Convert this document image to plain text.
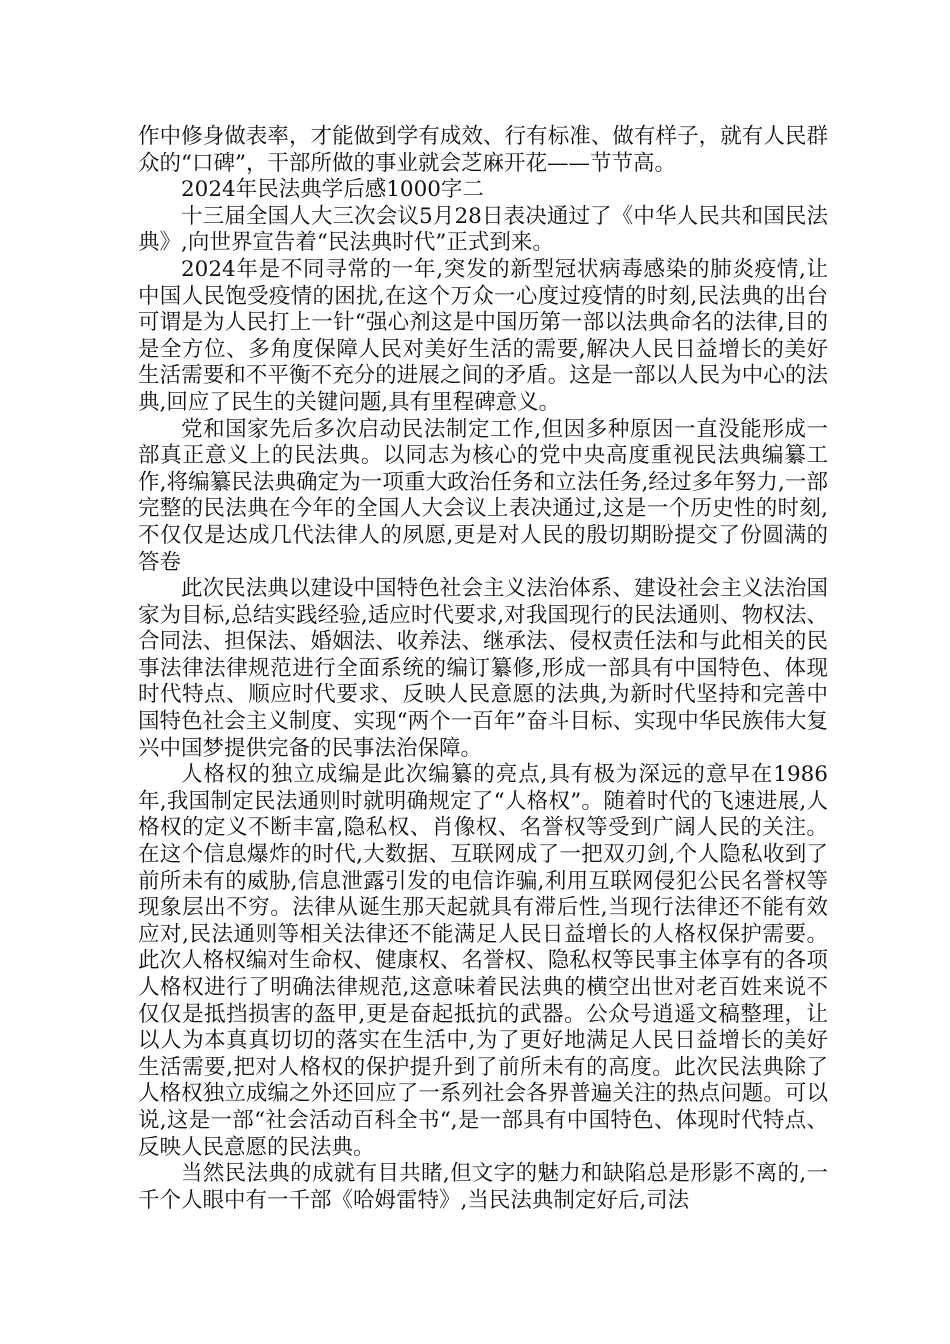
作中修身做表率，才能做到学有成效、行有标准、做有样子，就有人民群众的“口碑”，干部所做的事业就会芝麻开花——节节高。

2024年民法典学后感1000字二

十三届全国人大三次会议5月28日表决通过了《中华人民共和国民法典》,向世界宣告着“民法典时代”正式到来。

2024年是不同寻常的一年,突发的新型冠状病毒感染的肺炎疫情,让中国人民饱受疫情的困扰,在这个万众一心度过疫情的时刻,民法典的出台可谓是为人民打上一针“强心剂这是中国历第一部以法典命名的法律,目的是全方位、多角度保障人民对美好生活的需要,解决人民日益增长的美好生活需要和不平衡不充分的进展之间的矛盾。这是一部以人民为中心的法典,回应了民生的关键问题,具有里程碑意义。

党和国家先后多次启动民法制定工作,但因多种原因一直没能形成一部真正意义上的民法典。以同志为核心的党中央高度重视民法典编纂工作,将编纂民法典确定为一项重大政治任务和立法任务,经过多年努力,一部完整的民法典在今年的全国人大会议上表决通过,这是一个历史性的时刻,不仅仅是达成几代法律人的夙愿,更是对人民的殷切期盼提交了份圆满的答卷

此次民法典以建设中国特色社会主义法治体系、建设社会主义法治国家为目标,总结实践经验,适应时代要求,对我国现行的民法通则、物权法、合同法、担保法、婚姻法、收养法、继承法、侵权责任法和与此相关的民事法律法律规范进行全面系统的编订纂修,形成一部具有中国特色、体现时代特点、顺应时代要求、反映人民意愿的法典,为新时代坚持和完善中国特色社会主义制度、实现“两个一百年”奋斗目标、实现中华民族伟大复兴中国梦提供完备的民事法治保障。

人格权的独立成编是此次编纂的亮点,具有极为深远的意早在1986年,我国制定民法通则时就明确规定了“人格权”。随着时代的飞速进展,人格权的定义不断丰富,隐私权、肖像权、名誉权等受到广阔人民的关注。在这个信息爆炸的时代,大数据、互联网成了一把双刃剑,个人隐私收到了前所未有的威胁,信息泄露引发的电信诈骗,利用互联网侵犯公民名誉权等现象层出不穷。法律从诞生那天起就具有滞后性,当现行法律还不能有效应对,民法通则等相关法律还不能满足人民日益增长的人格权保护需要。此次人格权编对生命权、健康权、名誉权、隐私权等民事主体享有的各项人格权进行了明确法律规范,这意味着民法典的横空出世对老百姓来说不仅仅是抵挡损害的盔甲,更是奋起抵抗的武器。公众号逍遥文稿整理，让以人为本真真切切的落实在生活中,为了更好地满足人民日益增长的美好生活需要,把对人格权的保护提升到了前所未有的高度。此次民法典除了人格权独立成编之外还回应了一系列社会各界普遍关注的热点问题。可以说,这是一部“社会活动百科全书“,是一部具有中国特色、体现时代特点、反映人民意愿的民法典。

当然民法典的成就有目共睹,但文字的魅力和缺陷总是形影不离的,一千个人眼中有一千部《哈姆雷特》,当民法典制定好后,司法
